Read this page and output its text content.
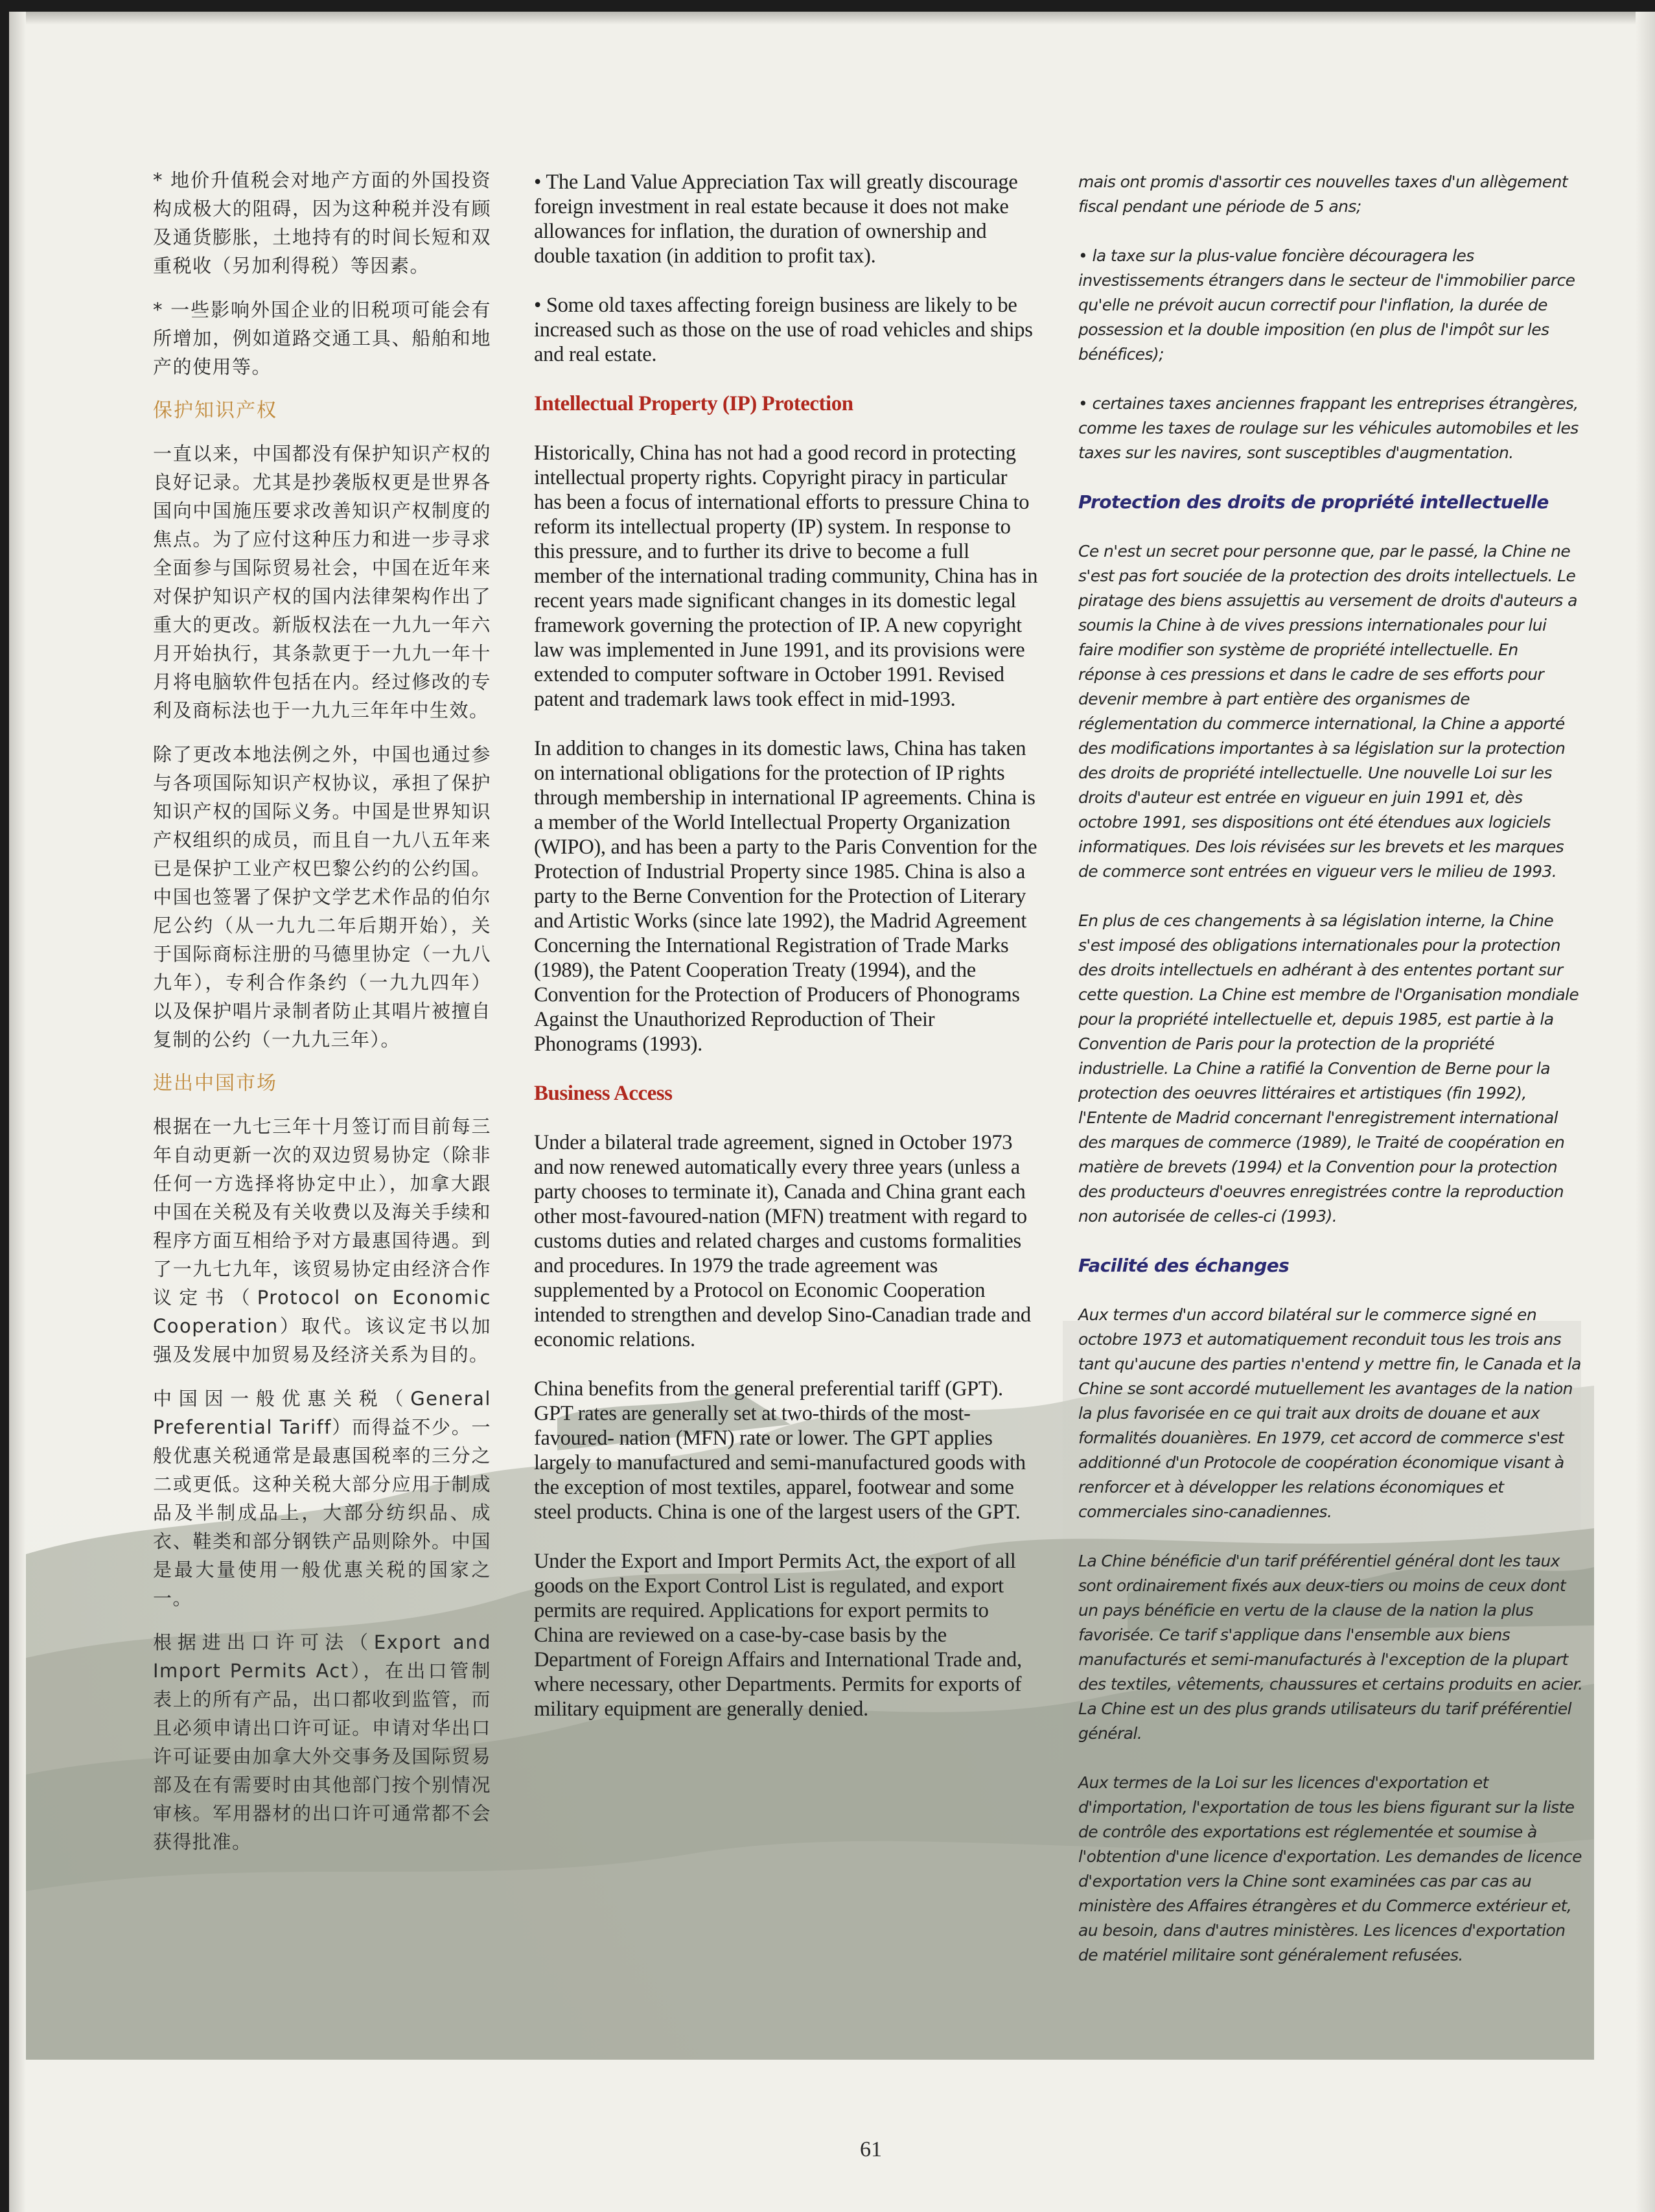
* 地价升值税会对地产方面的外国投资构成极大的阻碍，因为这种税并没有顾及通货膨胀，土地持有的时间长短和双重税收（另加利得税）等因素。

* 一些影响外国企业的旧税项可能会有所增加，例如道路交通工具、船舶和地产的使用等。

保护知识产权

一直以来，中国都没有保护知识产权的良好记录。尤其是抄袭版权更是世界各国向中国施压要求改善知识产权制度的焦点。为了应付这种压力和进一步寻求全面参与国际贸易社会，中国在近年来对保护知识产权的国内法律架构作出了重大的更改。新版权法在一九九一年六月开始执行，其条款更于一九九一年十月将电脑软件包括在内。经过修改的专利及商标法也于一九九三年年中生效。

除了更改本地法例之外，中国也通过参与各项国际知识产权协议，承担了保护知识产权的国际义务。中国是世界知识产权组织的成员，而且自一九八五年来已是保护工业产权巴黎公约的公约国。中国也签署了保护文学艺术作品的伯尔尼公约（从一九九二年后期开始），关于国际商标注册的马德里协定（一九八九年），专利合作条约（一九九四年）以及保护唱片录制者防止其唱片被擅自复制的公约（一九九三年）。

进出中国市场

根据在一九七三年十月签订而目前每三年自动更新一次的双边贸易协定（除非任何一方选择将协定中止），加拿大跟中国在关税及有关收费以及海关手续和程序方面互相给予对方最惠国待遇。到了一九七九年，该贸易协定由经济合作议定书（Protocol on Economic Cooperation）取代。该议定书以加强及发展中加贸易及经济关系为目的。

中国因一般优惠关税（General Preferential Tariff）而得益不少。一般优惠关税通常是最惠国税率的三分之二或更低。这种关税大部分应用于制成品及半制成品上，大部分纺织品、成衣、鞋类和部分钢铁产品则除外。中国是最大量使用一般优惠关税的国家之一。

根据进出口许可法（Export and Import Permits Act），在出口管制表上的所有产品，出口都收到监管，而且必须申请出口许可证。申请对华出口许可证要由加拿大外交事务及国际贸易部及在有需要时由其他部门按个别情况审核。军用器材的出口许可通常都不会获得批准。

• The Land Value Appreciation Tax will greatly discourage foreign investment in real estate because it does not make allowances for inflation, the duration of ownership and double taxation (in addition to profit tax).

• Some old taxes affecting foreign business are likely to be increased such as those on the use of road vehicles and ships and real estate.

Intellectual Property (IP) Protection

Historically, China has not had a good record in protecting intellectual property rights. Copyright piracy in particular has been a focus of international efforts to pressure China to reform its intellectual property (IP) system. In response to this pressure, and to further its drive to become a full member of the international trading community, China has in recent years made significant changes in its domestic legal framework governing the protection of IP. A new copyright law was implemented in June 1991, and its provisions were extended to computer software in October 1991. Revised patent and trademark laws took effect in mid-1993.

In addition to changes in its domestic laws, China has taken on international obligations for the protection of IP rights through membership in international IP agreements. China is a member of the World Intellectual Property Organization (WIPO), and has been a party to the Paris Convention for the Protection of Industrial Property since 1985. China is also a party to the Berne Convention for the Protection of Literary and Artistic Works (since late 1992), the Madrid Agreement Concerning the International Registration of Trade Marks (1989), the Patent Cooperation Treaty (1994), and the Convention for the Protection of Producers of Phonograms Against the Unauthorized Reproduction of Their Phonograms (1993).

Business Access

Under a bilateral trade agreement, signed in October 1973 and now renewed automatically every three years (unless a party chooses to terminate it), Canada and China grant each other most-favoured-nation (MFN) treatment with regard to customs duties and related charges and customs formalities and procedures. In 1979 the trade agreement was supplemented by a Protocol on Economic Cooperation intended to strengthen and develop Sino-Canadian trade and economic relations.

China benefits from the general preferential tariff (GPT). GPT rates are generally set at two-thirds of the most-favoured- nation (MFN) rate or lower. The GPT applies largely to manufactured and semi-manufactured goods with the exception of most textiles, apparel, footwear and some steel products. China is one of the largest users of the GPT.

Under the Export and Import Permits Act, the export of all goods on the Export Control List is regulated, and export permits are required. Applications for export permits to China are reviewed on a case-by-case basis by the Department of Foreign Affairs and International Trade and, where necessary, other Departments. Permits for exports of military equipment are generally denied.

mais ont promis d'assortir ces nouvelles taxes d'un allègement fiscal pendant une période de 5 ans;

• la taxe sur la plus-value foncière découragera les investissements étrangers dans le secteur de l'immobilier parce qu'elle ne prévoit aucun correctif pour l'inflation, la durée de possession et la double imposition (en plus de l'impôt sur les bénéfices);

• certaines taxes anciennes frappant les entreprises étrangères, comme les taxes de roulage sur les véhicules automobiles et les taxes sur les navires, sont susceptibles d'augmentation.

Protection des droits de propriété intellectuelle

Ce n'est un secret pour personne que, par le passé, la Chine ne s'est pas fort souciée de la protection des droits intellectuels. Le piratage des biens assujettis au versement de droits d'auteurs a soumis la Chine à de vives pressions internationales pour lui faire modifier son système de propriété intellectuelle. En réponse à ces pressions et dans le cadre de ses efforts pour devenir membre à part entière des organismes de réglementation du commerce international, la Chine a apporté des modifications importantes à sa législation sur la protection des droits de propriété intellectuelle. Une nouvelle Loi sur les droits d'auteur est entrée en vigueur en juin 1991 et, dès octobre 1991, ses dispositions ont été étendues aux logiciels informatiques. Des lois révisées sur les brevets et les marques de commerce sont entrées en vigueur vers le milieu de 1993.

En plus de ces changements à sa législation interne, la Chine s'est imposé des obligations internationales pour la protection des droits intellectuels en adhérant à des ententes portant sur cette question. La Chine est membre de l'Organisation mondiale pour la propriété intellectuelle et, depuis 1985, est partie à la Convention de Paris pour la protection de la propriété industrielle. La Chine a ratifié la Convention de Berne pour la protection des oeuvres littéraires et artistiques (fin 1992), l'Entente de Madrid concernant l'enregistrement international des marques de commerce (1989), le Traité de coopération en matière de brevets (1994) et la Convention pour la protection des producteurs d'oeuvres enregistrées contre la reproduction non autorisée de celles-ci (1993).

Facilité des échanges

Aux termes d'un accord bilatéral sur le commerce signé en octobre 1973 et automatiquement reconduit tous les trois ans tant qu'aucune des parties n'entend y mettre fin, le Canada et la Chine se sont accordé mutuellement les avantages de la nation la plus favorisée en ce qui trait aux droits de douane et aux formalités douanières. En 1979, cet accord de commerce s'est additionné d'un Protocole de coopération économique visant à renforcer et à développer les relations économiques et commerciales sino-canadiennes.

La Chine bénéficie d'un tarif préférentiel général dont les taux sont ordinairement fixés aux deux-tiers ou moins de ceux dont un pays bénéficie en vertu de la clause de la nation la plus favorisée. Ce tarif s'applique dans l'ensemble aux biens manufacturés et semi-manufacturés à l'exception de la plupart des textiles, vêtements, chaussures et certains produits en acier. La Chine est un des plus grands utilisateurs du tarif préférentiel général.

Aux termes de la Loi sur les licences d'exportation et d'importation, l'exportation de tous les biens figurant sur la liste de contrôle des exportations est réglementée et soumise à l'obtention d'une licence d'exportation. Les demandes de licence d'exportation vers la Chine sont examinées cas par cas au ministère des Affaires étrangères et du Commerce extérieur et, au besoin, dans d'autres ministères. Les licences d'exportation de matériel militaire sont généralement refusées.

61
